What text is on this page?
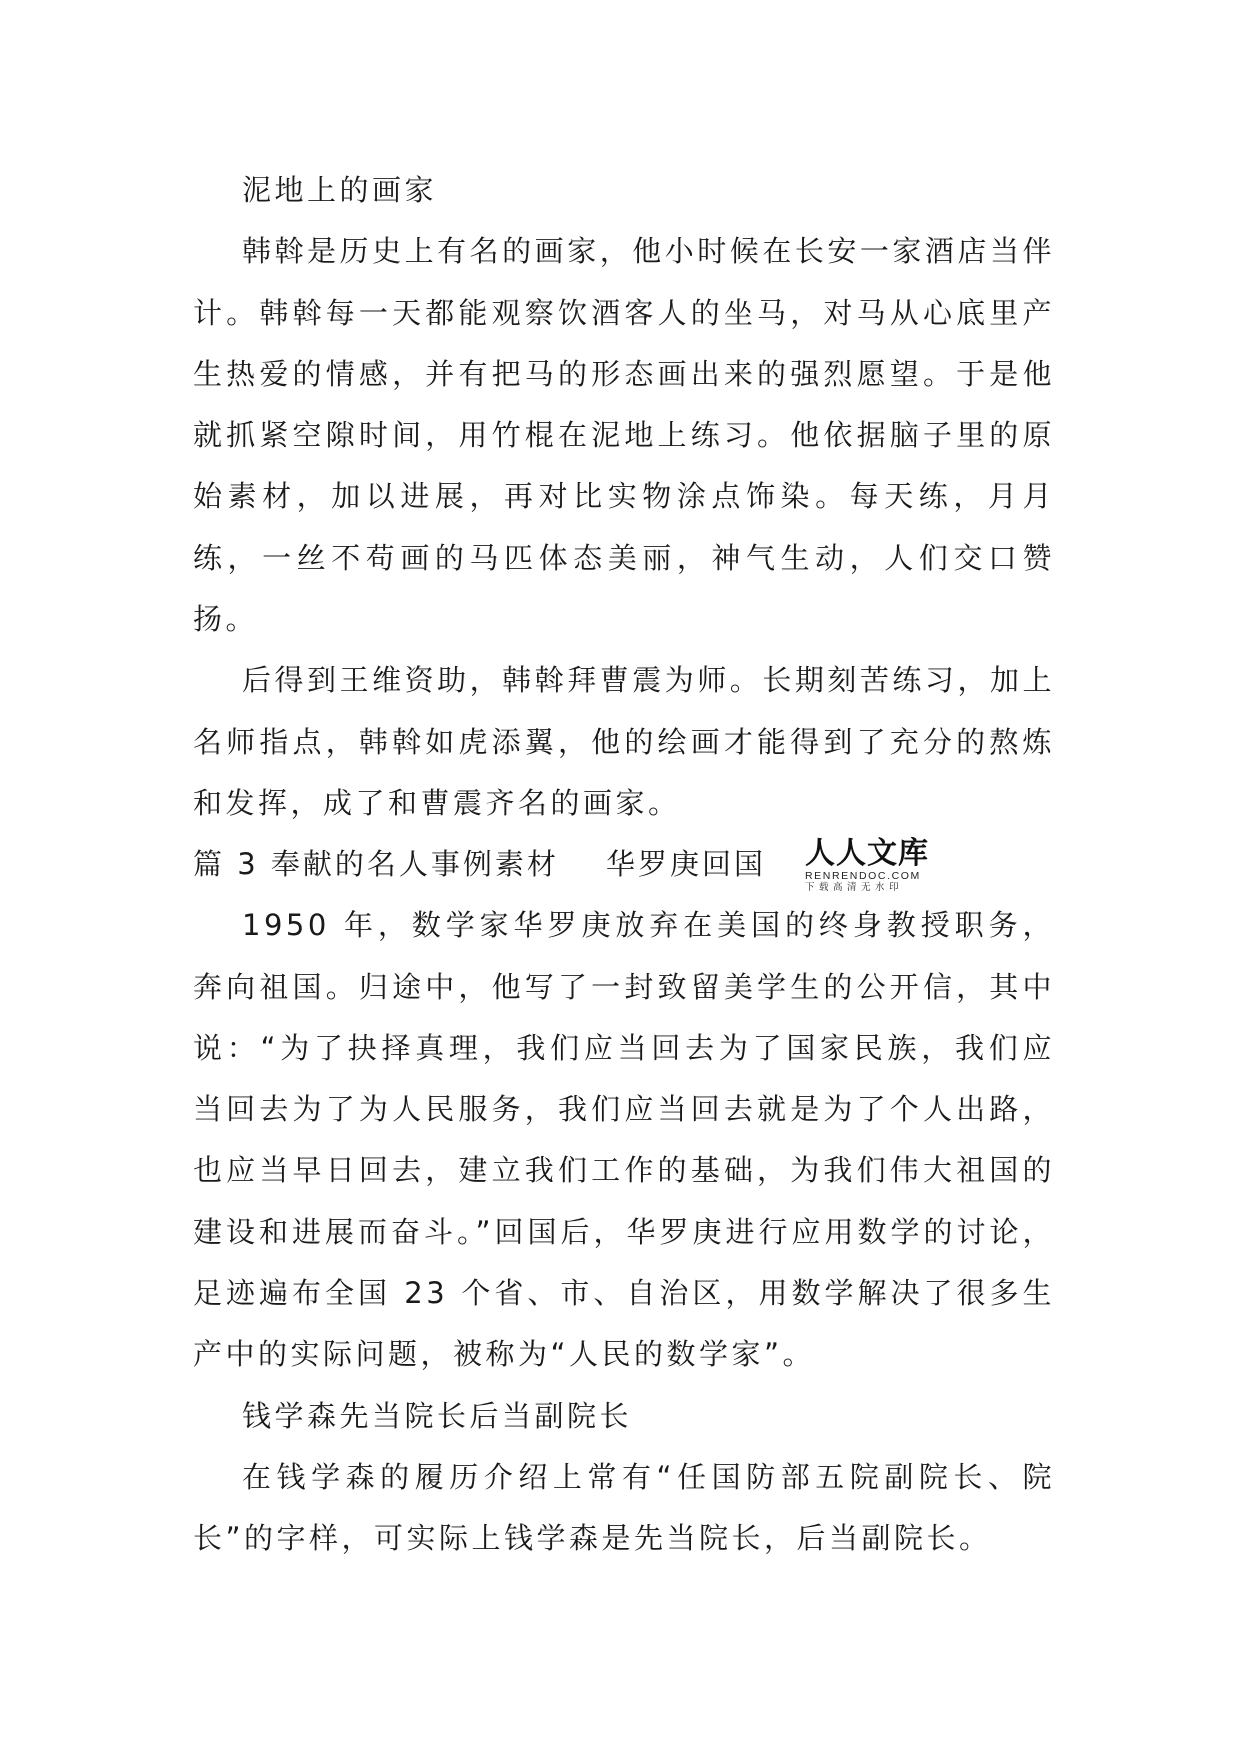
泥地上的画家

韩斡是历史上有名的画家，他小时候在长安一家酒店当伴计。韩斡每一天都能观察饮酒客人的坐马，对马从心底里产生热爱的情感，并有把马的形态画出来的强烈愿望。于是他就抓紧空隙时间，用竹棍在泥地上练习。他依据脑子里的原始素材，加以进展，再对比实物涂点饰染。每天练，月月练，一丝不苟画的马匹体态美丽，神气生动，人们交口赞扬。

后得到王维资助，韩斡拜曹震为师。长期刻苦练习，加上名师指点，韩斡如虎添翼，他的绘画才能得到了充分的熬炼和发挥，成了和曹震齐名的画家。

篇 3 奉献的名人事例素材 华罗庚回国 人人文库
RENRENDOC.COM
下载高清无水印

1950 年，数学家华罗庚放弃在美国的终身教授职务，奔向祖国。归途中，他写了一封致留美学生的公开信，其中说：“为了抉择真理，我们应当回去为了国家民族，我们应当回去为了为人民服务，我们应当回去就是为了个人出路，也应当早日回去，建立我们工作的基础，为我们伟大祖国的建设和进展而奋斗。”回国后，华罗庚进行应用数学的讨论，足迹遍布全国 23 个省、市、自治区，用数学解决了很多生产中的实际问题，被称为“人民的数学家”。

钱学森先当院长后当副院长

在钱学森的履历介绍上常有“任国防部五院副院长、院长”的字样，可实际上钱学森是先当院长，后当副院长。
